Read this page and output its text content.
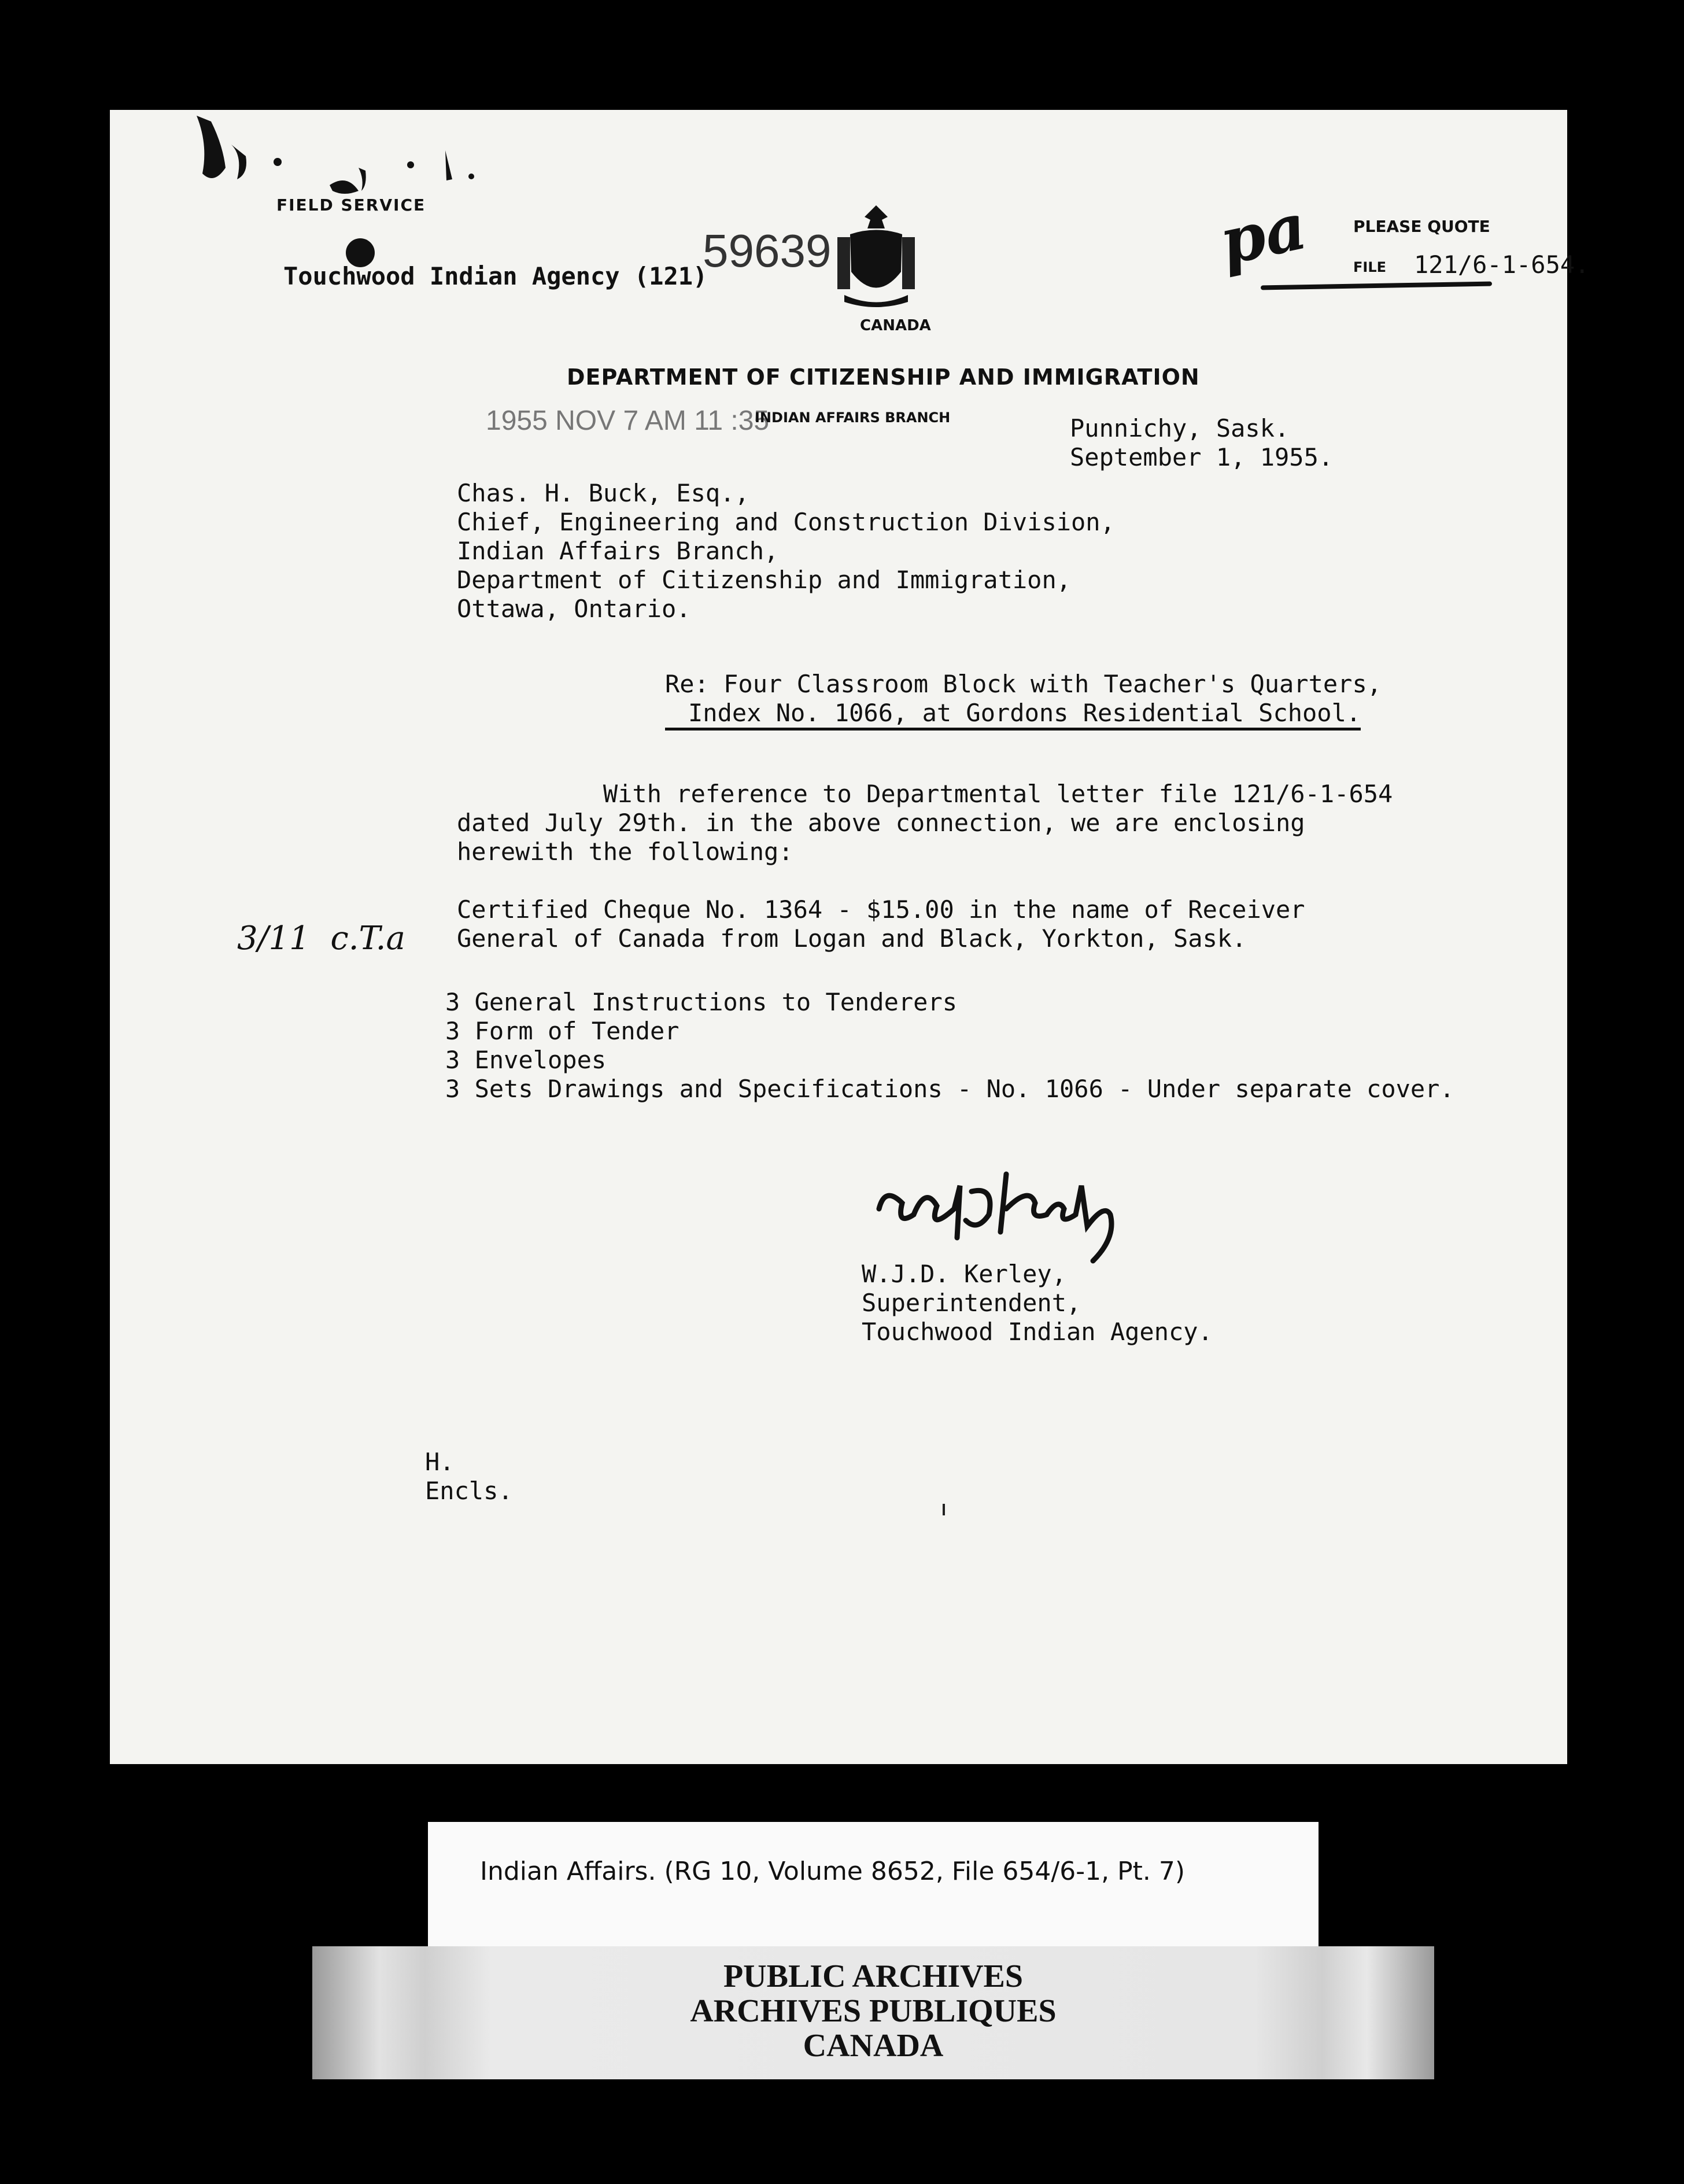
FIELD SERVICE
Touchwood Indian Agency (121)
59639
CANADA
pa	PLEASE QUOTE
FILE 121/6-1-654.
DEPARTMENT OF CITIZENSHIP AND IMMIGRATION
1955 NOV 7 AM 11 :35
INDIAN AFFAIRS BRANCH	Punnichy, Sask.
September 1, 1955.
Chas. H. Buck, Esq.,
Chief, Engineering and Construction Division,
Indian Affairs Branch,
Department of Citizenship and Immigration,
Ottawa, Ontario.
Re: Four Classroom Block with Teacher's Quarters,
Index No. 1066, at Gordons Residential School.
With reference to Departmental letter file 121/6-1-654
dated July 29th. in the above connection, we are enclosing
herewith the following:
Certified Cheque No. 1364 - $15.00 in the name of Receiver
General of Canada from Logan and Black, Yorkton, Sask.
3/11  c.T.a
3 General Instructions to Tenderers
3 Form of Tender
3 Envelopes
3 Sets Drawings and Specifications - No. 1066 - Under separate cover.
W.J.D. Kerley,
Superintendent,
Touchwood Indian Agency.
H.
Encls.
Indian Affairs. (RG 10, Volume 8652, File 654/6-1, Pt. 7)
PUBLIC ARCHIVES
ARCHIVES PUBLIQUES
CANADA
